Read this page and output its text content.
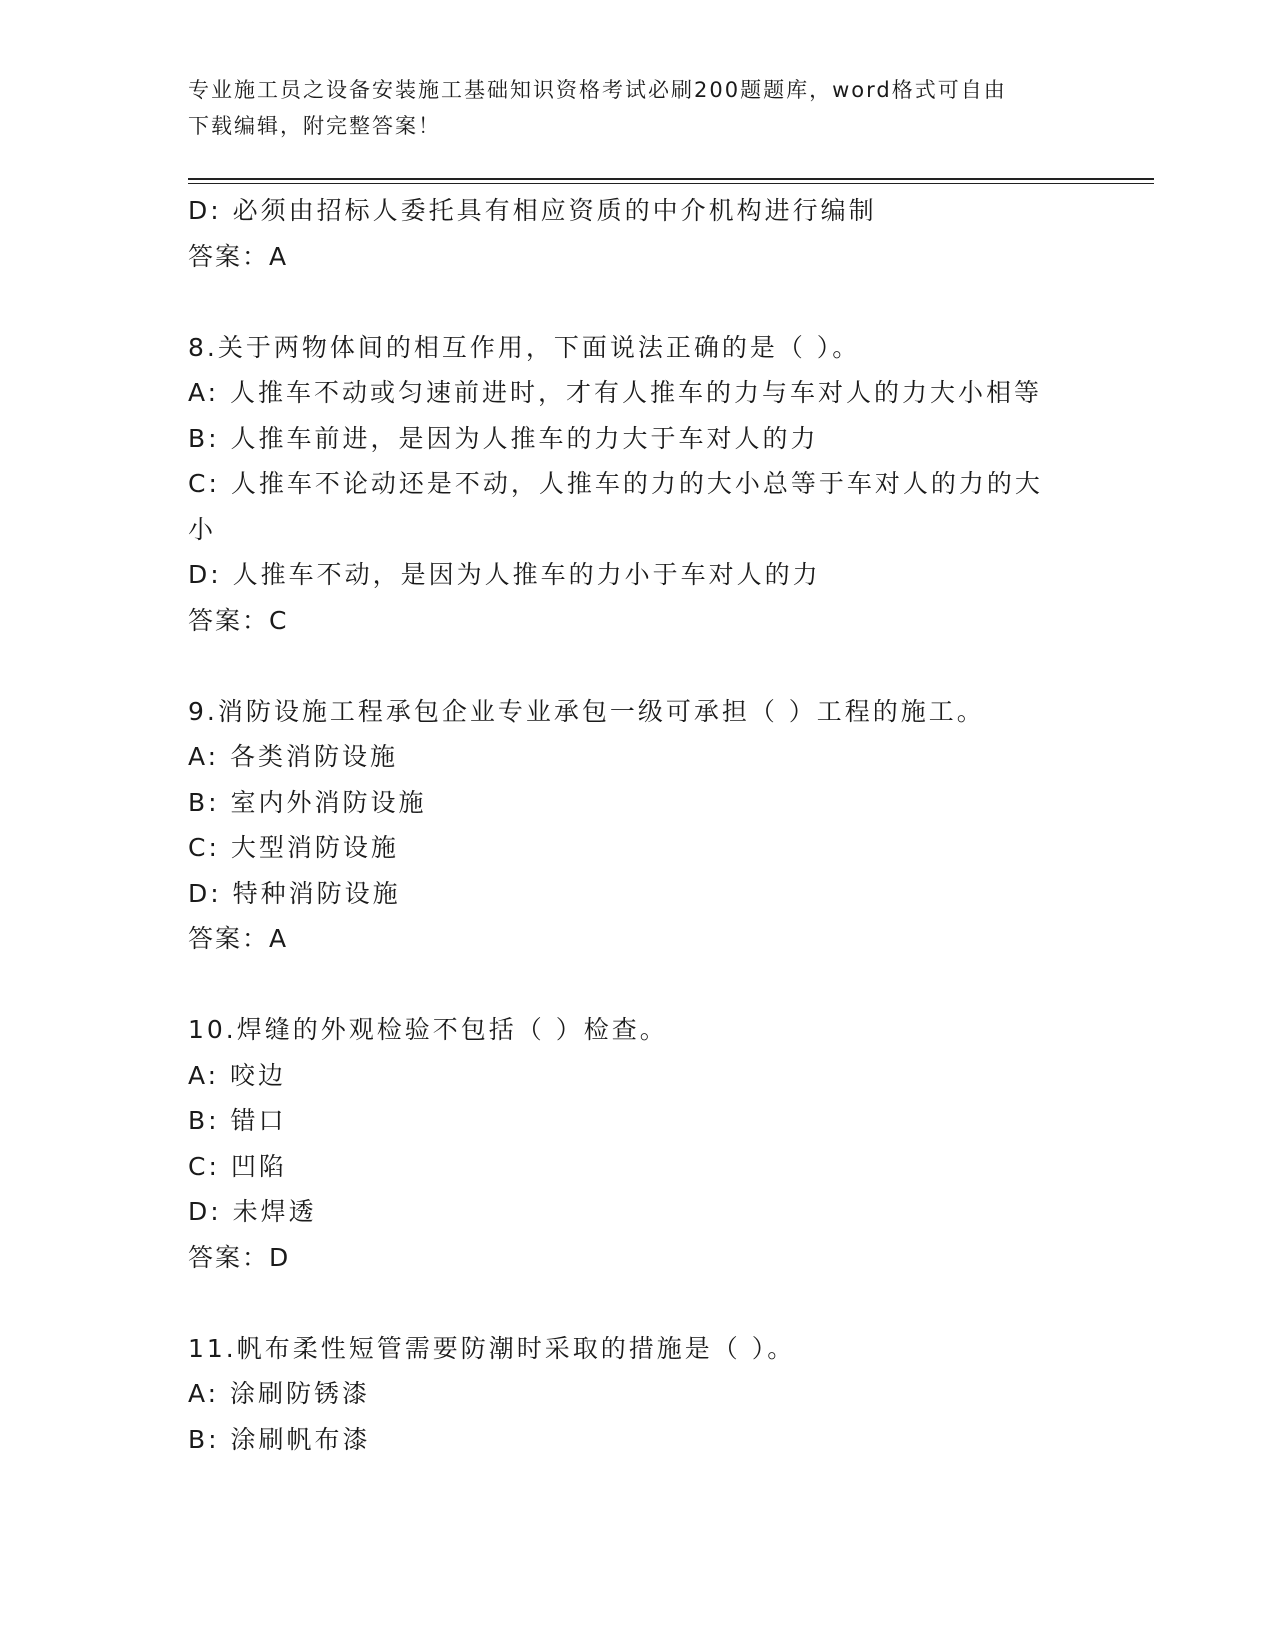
专业施工员之设备安装施工基础知识资格考试必刷200题题库，word格式可自由
下载编辑，附完整答案！
D: 必须由招标人委托具有相应资质的中介机构进行编制
答案：A
8.关于两物体间的相互作用，下面说法正确的是（ ）。
A: 人推车不动或匀速前进时，才有人推车的力与车对人的力大小相等
B: 人推车前进，是因为人推车的力大于车对人的力
C: 人推车不论动还是不动，人推车的力的大小总等于车对人的力的大
小
D: 人推车不动，是因为人推车的力小于车对人的力
答案：C
9.消防设施工程承包企业专业承包一级可承担（ ）工程的施工。
A: 各类消防设施
B: 室内外消防设施
C: 大型消防设施
D: 特种消防设施
答案：A
10.焊缝的外观检验不包括（ ）检查。
A: 咬边
B: 错口
C: 凹陷
D: 未焊透
答案：D
11.帆布柔性短管需要防潮时采取的措施是（ ）。
A: 涂刷防锈漆
B: 涂刷帆布漆
